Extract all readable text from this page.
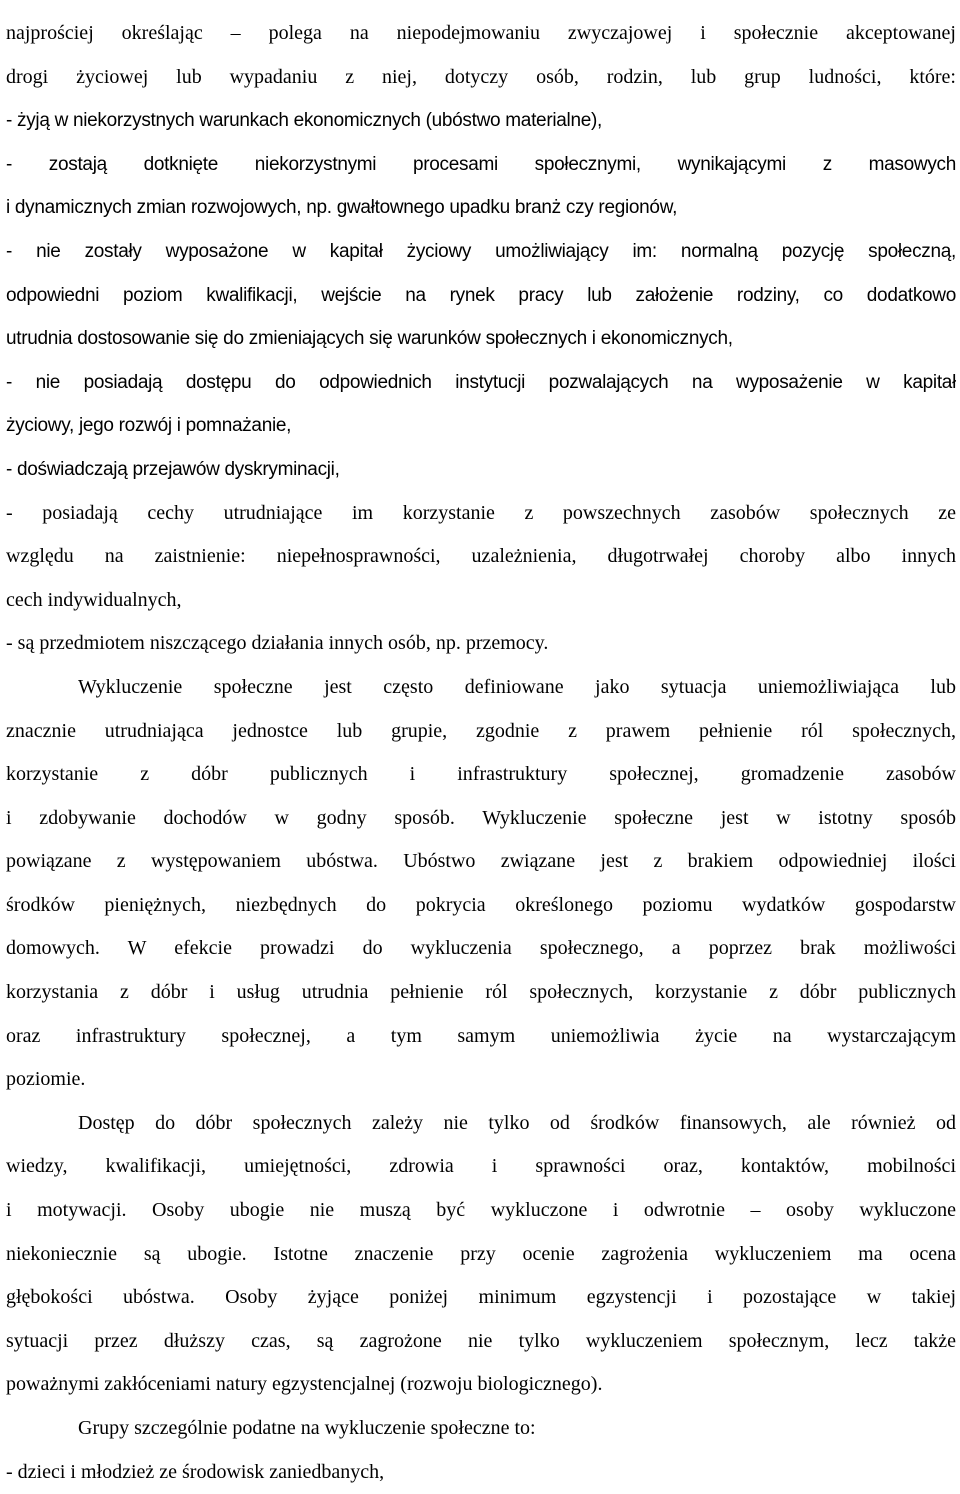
najprościej określając – polega na niepodejmowaniu zwyczajowej i społecznie akceptowanej
drogi życiowej lub wypadaniu z niej, dotyczy osób, rodzin, lub grup ludności, które:
- żyją w niekorzystnych warunkach ekonomicznych (ubóstwo materialne),
- zostają dotknięte niekorzystnymi procesami społecznymi, wynikającymi z masowych
i dynamicznych zmian rozwojowych, np. gwałtownego upadku branż czy regionów,
- nie zostały wyposażone w kapitał życiowy umożliwiający im: normalną pozycję społeczną,
odpowiedni poziom kwalifikacji, wejście na rynek pracy lub założenie rodziny, co dodatkowo
utrudnia dostosowanie się do zmieniających się warunków społecznych i ekonomicznych,
- nie posiadają dostępu do odpowiednich instytucji pozwalających na wyposażenie w kapitał
życiowy, jego rozwój i pomnażanie,
- doświadczają przejawów dyskryminacji,
- posiadają cechy utrudniające im korzystanie z powszechnych zasobów społecznych ze
względu na zaistnienie: niepełnosprawności, uzależnienia, długotrwałej choroby albo innych
cech indywidualnych,
- są przedmiotem niszczącego działania innych osób, np. przemocy.
Wykluczenie społeczne jest często definiowane jako sytuacja uniemożliwiająca lub
znacznie utrudniająca jednostce lub grupie, zgodnie z prawem pełnienie ról społecznych,
korzystanie z dóbr publicznych i infrastruktury społecznej, gromadzenie zasobów
i zdobywanie dochodów w godny sposób. Wykluczenie społeczne jest w istotny sposób
powiązane z występowaniem ubóstwa. Ubóstwo związane jest z brakiem odpowiedniej ilości
środków pieniężnych, niezbędnych do pokrycia określonego poziomu wydatków gospodarstw
domowych. W efekcie prowadzi do wykluczenia społecznego, a poprzez brak możliwości
korzystania z dóbr i usług utrudnia pełnienie ról społecznych, korzystanie z dóbr publicznych
oraz infrastruktury społecznej, a tym samym uniemożliwia życie na wystarczającym
poziomie.
Dostęp do dóbr społecznych zależy nie tylko od środków finansowych, ale również od
wiedzy, kwalifikacji, umiejętności, zdrowia i sprawności oraz, kontaktów, mobilności
i motywacji. Osoby ubogie nie muszą być wykluczone i odwrotnie – osoby wykluczone
niekoniecznie są ubogie. Istotne znaczenie przy ocenie zagrożenia wykluczeniem ma ocena
głębokości ubóstwa. Osoby żyjące poniżej minimum egzystencji i pozostające w takiej
sytuacji przez dłuższy czas, są zagrożone nie tylko wykluczeniem społecznym, lecz także
poważnymi zakłóceniami natury egzystencjalnej (rozwoju biologicznego).
Grupy szczególnie podatne na wykluczenie społeczne to:
- dzieci i młodzież ze środowisk zaniedbanych,
